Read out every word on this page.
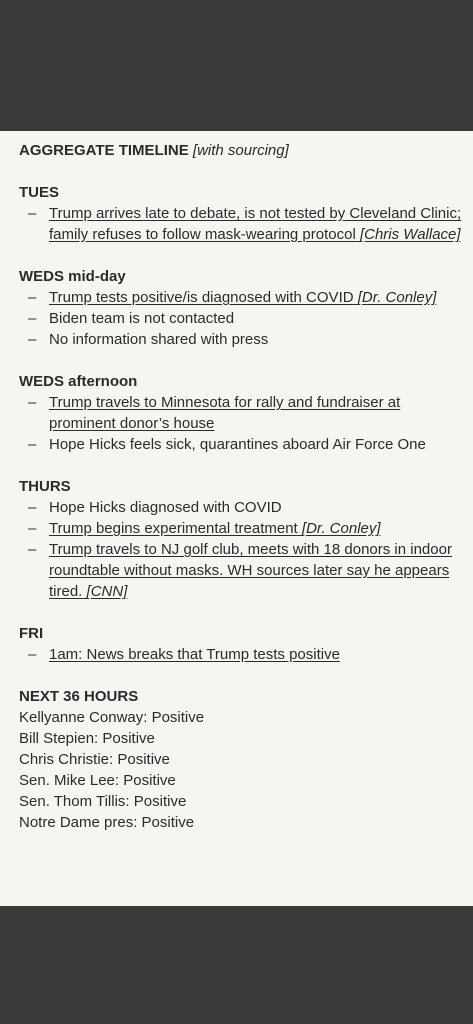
AGGREGATE TIMELINE [with sourcing]

TUES

– Trump arrives late to debate, is not tested by Cleveland Clinic; family refuses to follow mask-wearing protocol [Chris Wallace]

WEDS mid-day

– Trump tests positive/is diagnosed with COVID [Dr. Conley]
– Biden team is not contacted
– No information shared with press

WEDS afternoon

– Trump travels to Minnesota for rally and fundraiser at prominent donor’s house
– Hope Hicks feels sick, quarantines aboard Air Force One

THURS

– Hope Hicks diagnosed with COVID
– Trump begins experimental treatment [Dr. Conley]
– Trump travels to NJ golf club, meets with 18 donors in indoor roundtable without masks. WH sources later say he appears tired. [CNN]

FRI

– 1am: News breaks that Trump tests positive

NEXT 36 HOURS

Kellyanne Conway: Positive

Bill Stepien: Positive

Chris Christie: Positive

Sen. Mike Lee: Positive

Sen. Thom Tillis: Positive

Notre Dame pres: Positive
